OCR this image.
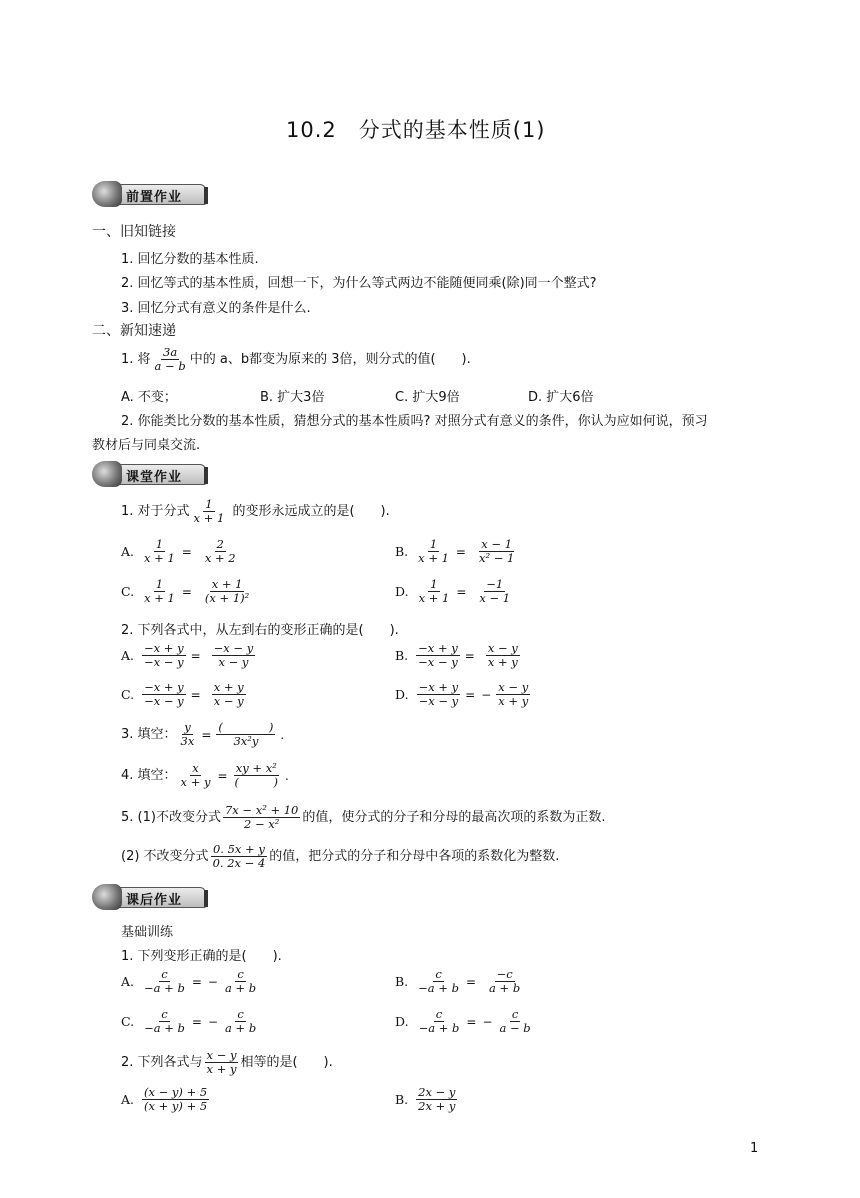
10.2　分式的基本性质(1)
前置作业
一、旧知链接
1. 回忆分数的基本性质.
2. 回忆等式的基本性质，回想一下，为什么等式两边不能随便同乘(除)同一个整式?
3. 回忆分式有意义的条件是什么.
二、新知速递
1. 将 $\frac{3a}{a - b}$ 中的 a、b都变为原来的 3倍，则分式的值(　　).
A. 不变；	B. 扩大3倍	C. 扩大9倍	D. 扩大6倍
2. 你能类比分数的基本性质，猜想分式的基本性质吗? 对照分式有意义的条件，你认为应如何说，预习
教材后与同桌交流.
课堂作业
1. 对于分式 $\frac{1}{x + 1}$ 的变形永远成立的是(　　).
A. $\frac{1}{x + 1} = \frac{2}{x + 2}$	B. $\frac{1}{x + 1} = \frac{x - 1}{\text{x² − 1}}$
C. $\frac{1}{x + 1} = \frac{x + 1}{\text{(x + 1)²}}$	D. $\frac{1}{x + 1} = \frac{-1}{x - 1}$
A. $\frac{-x + y}{-x - y} = \frac{-x - y}{x - y}$	B. $\frac{-x + y}{-x - y} = \frac{x - y}{x + y}$
C. $\frac{-x + y}{-x - y} = \frac{x + y}{x - y}$	D. $\frac{-x + y}{-x - y}$ = − $\frac{x - y}{x + y}$
2. 下列各式中，从左到右的变形正确的是(　　).
3. 填空： $\frac{y}{3x} = \frac{( )}{\text{3x²y}}$ .
4. 填空： $\frac{x}{x + y} = \frac{\text{xy + x²}}{( )}$ .
5. (1)不改变分式 $\frac{\text{7x − x² + 10}}{\text{2 − x²}}$ 的值，使分式的分子和分母的最高次项的系数为正数.
(2) 不改变分式 $\frac{0. 5x + y}{0. 2x - 4}$ 的值，把分式的分子和分母中各项的系数化为整数.
课后作业
基础训练
1. 下列变形正确的是(　　).
A. $\frac{c}{-a + b}$ = − $\frac{c}{a + b}$	B. $\frac{c}{-a + b} = \frac{-c}{a + b}$
C. $\frac{c}{-a + b}$ = − $\frac{c}{a + b}$	D. $\frac{c}{-a + b}$ = − $\frac{c}{a - b}$
2. 下列各式与 $\frac{x - y}{x + y}$ 相等的是(　　).
A. $\frac{(x - y) + 5}{(x + y) + 5}$	B. $\frac{2x - y}{2x + y}$
1
